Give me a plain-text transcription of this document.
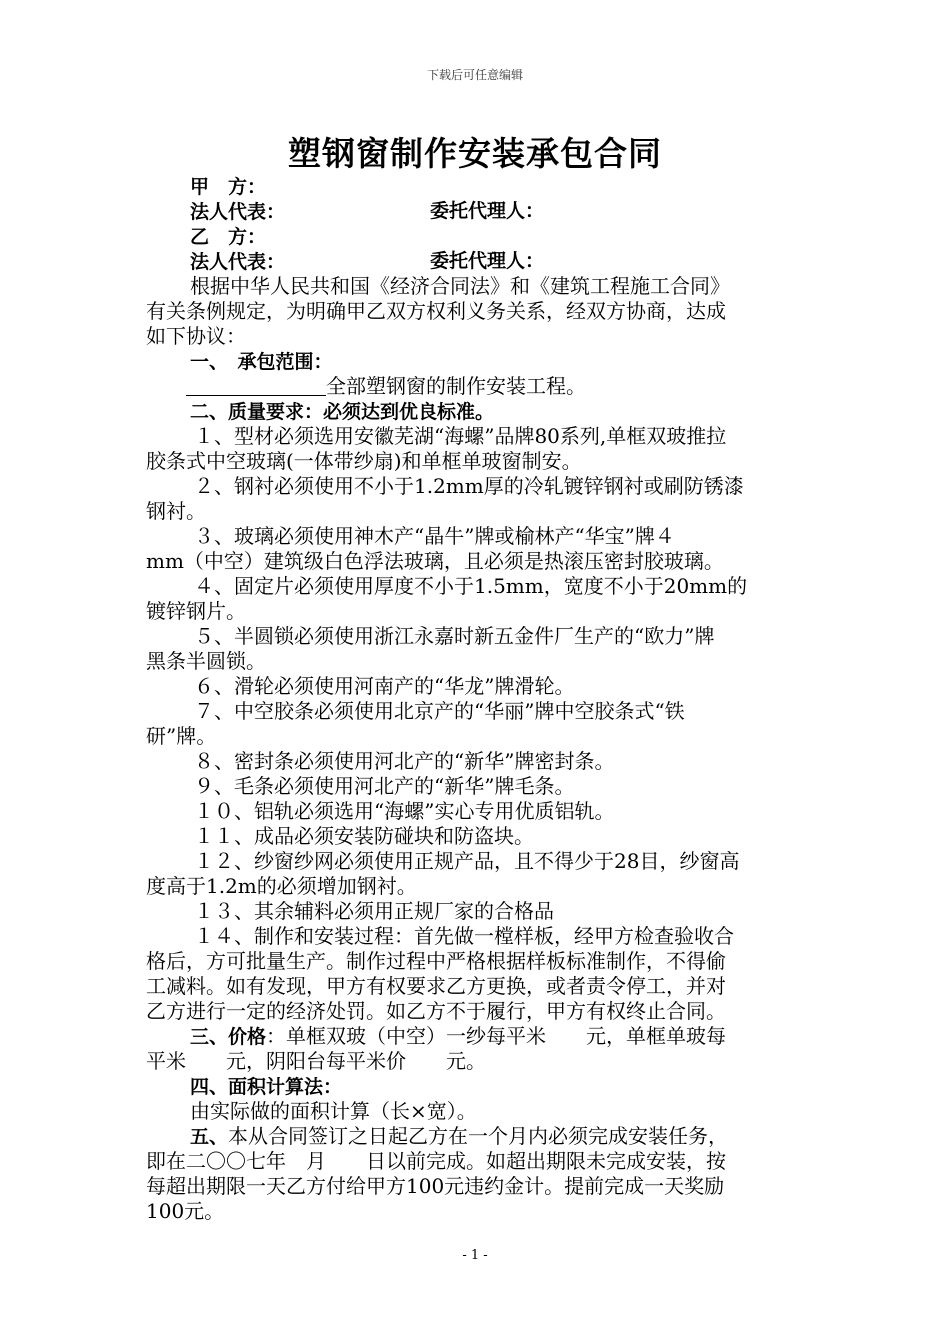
下载后可任意编辑
塑钢窗制作安装承包合同
甲　方：
法人代表：	委托代理人：
乙　方：
法人代表：	委托代理人：
根据中华人民共和国《经济合同法》和《建筑工程施工合同》
有关条例规定，为明确甲乙双方权利义务关系，经双方协商，达成
如下协议：
一、　承包范围：
全部塑钢窗的制作安装工程。
二、质量要求：必须达到优良标准。
１、型材必须选用安徽芜湖“海螺”品牌80系列,单框双玻推拉
胶条式中空玻璃(一体带纱扇)和单框单玻窗制安。
２、钢衬必须使用不小于1.2mm厚的冷轧镀锌钢衬或刷防锈漆
钢衬。
３、玻璃必须使用神木产“晶牛”牌或榆林产“华宝”牌４
mm（中空）建筑级白色浮法玻璃，且必须是热滚压密封胶玻璃。
４、固定片必须使用厚度不小于1.5mm，宽度不小于20mm的
镀锌钢片。
５、半圆锁必须使用浙江永嘉时新五金件厂生产的“欧力”牌
黑条半圆锁。
６、滑轮必须使用河南产的“华龙”牌滑轮。
７、中空胶条必须使用北京产的“华丽”牌中空胶条式“铁
研”牌。
８、密封条必须使用河北产的“新华”牌密封条。
９、毛条必须使用河北产的“新华”牌毛条。
１０、铝轨必须选用“海螺”实心专用优质铝轨。
１１、成品必须安装防碰块和防盗块。
１２、纱窗纱网必须使用正规产品，且不得少于28目，纱窗高
度高于1.2m的必须增加钢衬。
１３、其余辅料必须用正规厂家的合格品
１４、制作和安装过程：首先做一樘样板，经甲方检查验收合
格后，方可批量生产。制作过程中严格根据样板标准制作，不得偷
工减料。如有发现，甲方有权要求乙方更换，或者责令停工，并对
乙方进行一定的经济处罚。如乙方不于履行，甲方有权终止合同。
三、价格：单框双玻（中空）一纱每平米　　元，单框单玻每
平米　　元，阴阳台每平米价　　元。
四、面积计算法：
由实际做的面积计算（长×宽）。
五、本从合同签订之日起乙方在一个月内必须完成安装任务，
即在二〇〇七年　月　　日以前完成。如超出期限未完成安装，按
每超出期限一天乙方付给甲方100元违约金计。提前完成一天奖励
100元。
- 1 -
